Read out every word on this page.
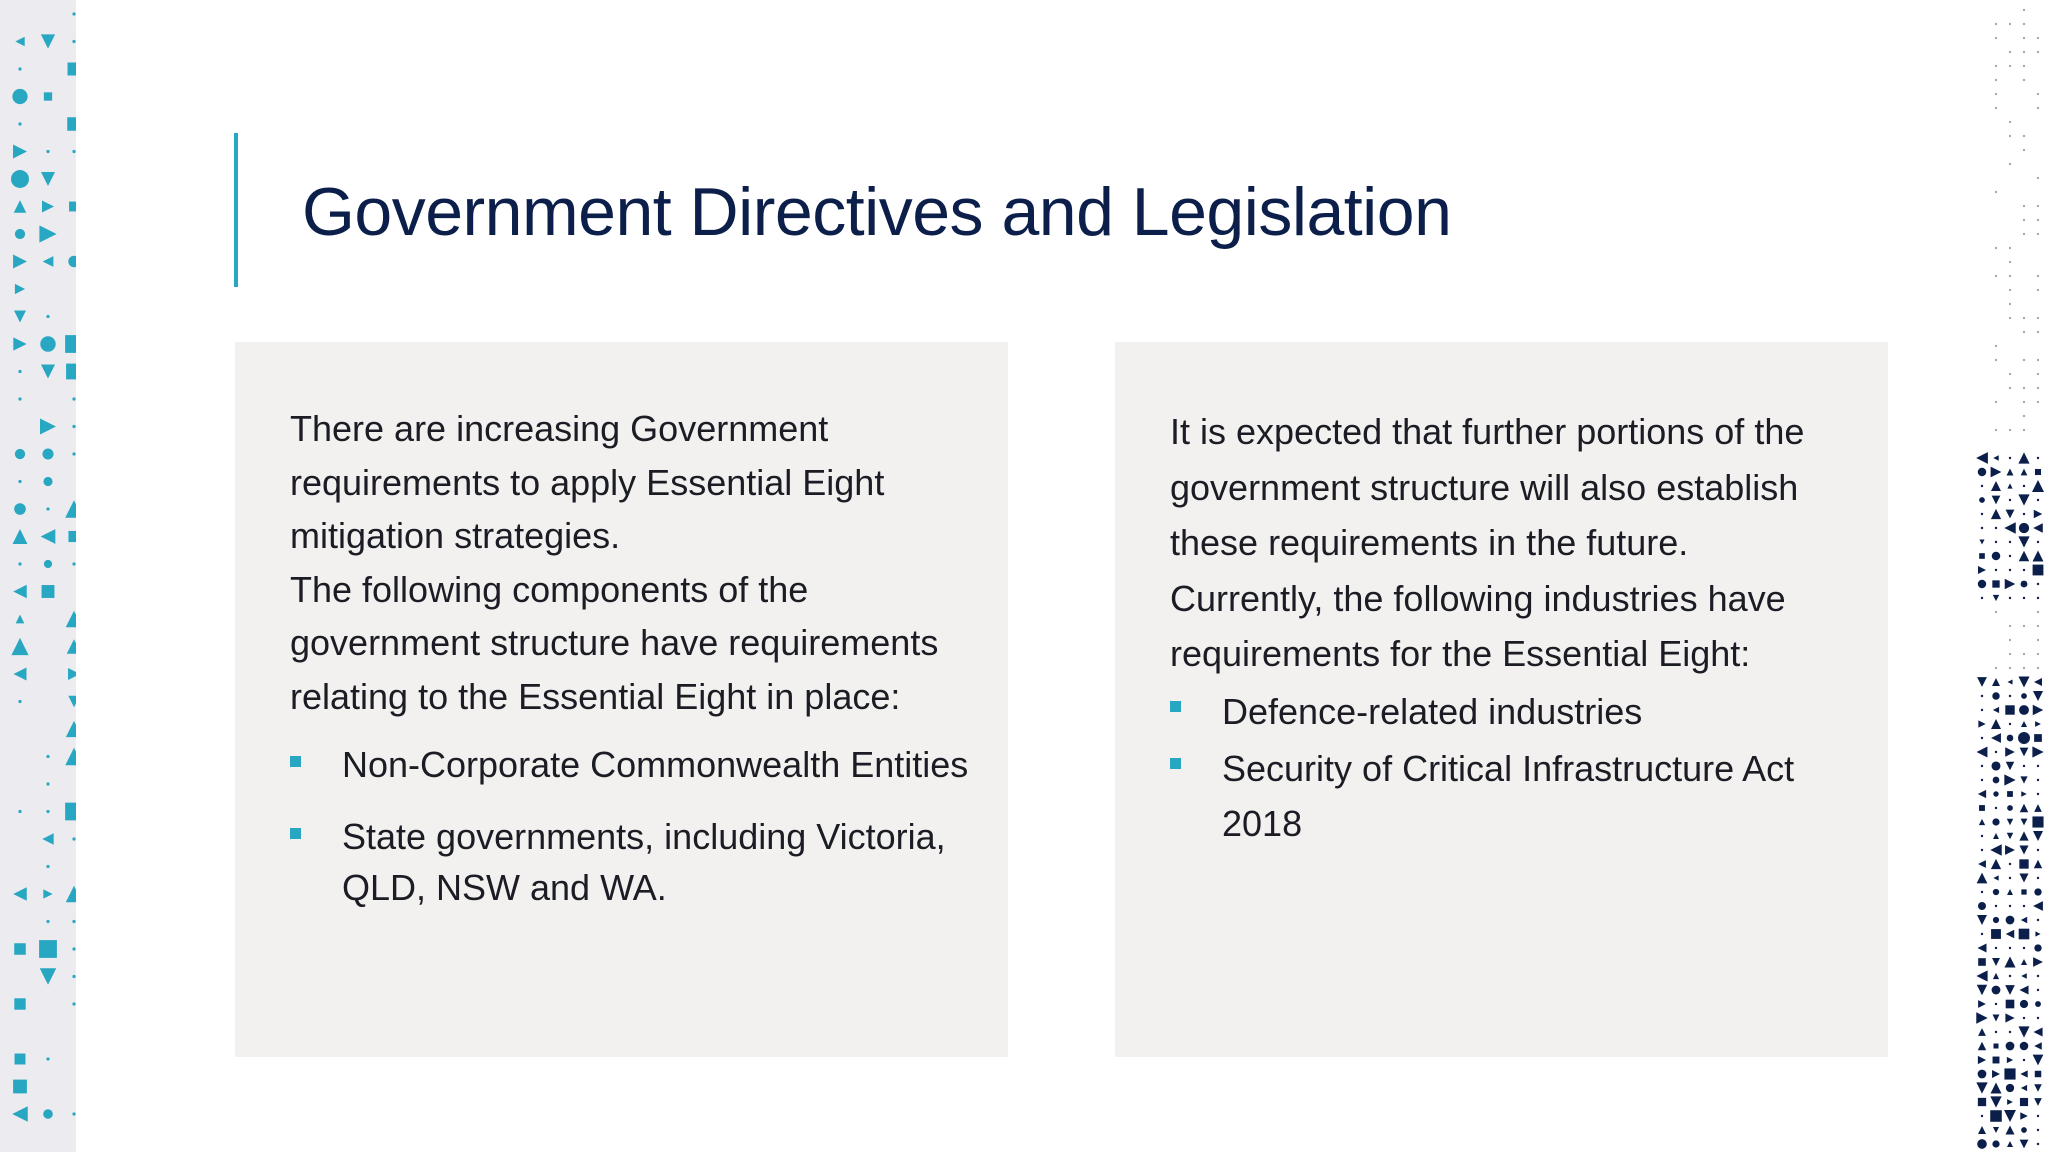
Government Directives and Legislation

There are increasing Government requirements to apply Essential Eight mitigation strategies.

The following components of the government structure have requirements relating to the Essential Eight in place:

Non-Corporate Commonwealth Entities
State governments, including Victoria, QLD, NSW and WA.

It is expected that further portions of the government structure will also establish these requirements in the future.

Currently, the following industries have requirements for the Essential Eight:

Defence-related industries
Security of Critical Infrastructure Act 2018
